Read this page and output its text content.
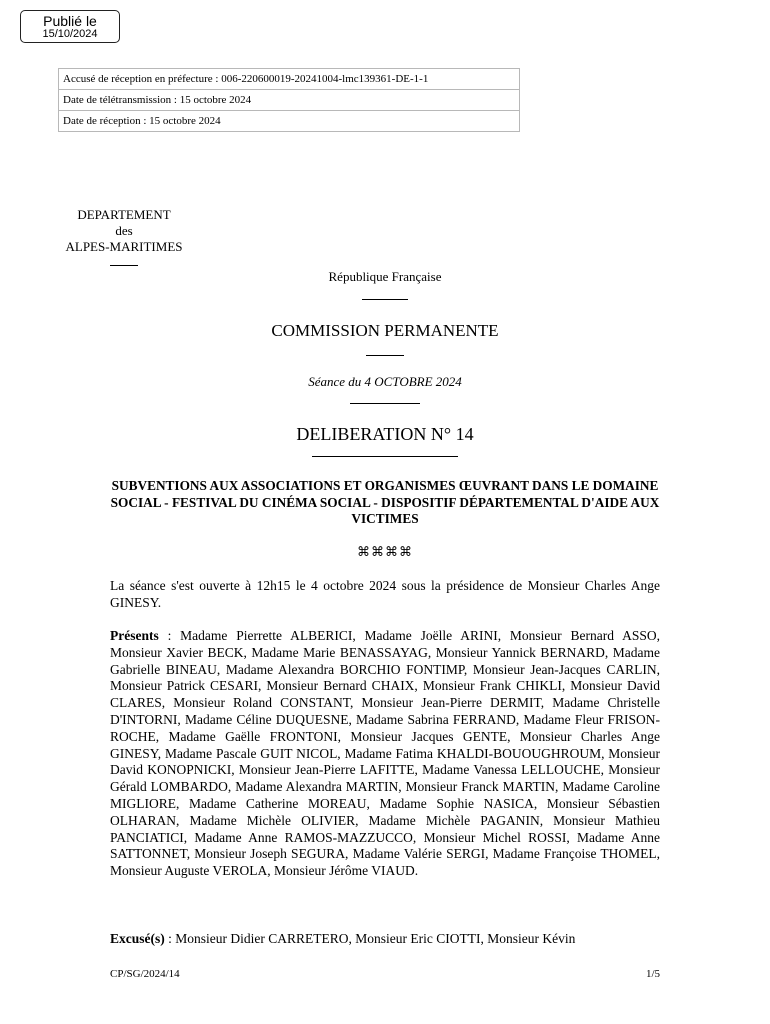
Publié le
15/10/2024
Accusé de réception en préfecture : 006-220600019-20241004-lmc139361-DE-1-1
Date de télétransmission : 15 octobre 2024
Date de réception : 15 octobre 2024
DEPARTEMENT
des
ALPES-MARITIMES
République Française
COMMISSION PERMANENTE
Séance du 4 OCTOBRE 2024
DELIBERATION N° 14
SUBVENTIONS AUX ASSOCIATIONS ET ORGANISMES ŒUVRANT DANS LE DOMAINE SOCIAL - FESTIVAL DU CINÉMA SOCIAL - DISPOSITIF DÉPARTEMENTAL D'AIDE AUX VICTIMES
⌘⌘⌘⌘
La séance s'est ouverte à 12h15 le 4 octobre 2024 sous la présidence de Monsieur Charles Ange GINESY.
Présents : Madame Pierrette ALBERICI, Madame Joëlle ARINI, Monsieur Bernard ASSO, Monsieur Xavier BECK, Madame Marie BENASSAYAG, Monsieur Yannick BERNARD, Madame Gabrielle BINEAU, Madame Alexandra BORCHIO FONTIMP, Monsieur Jean-Jacques CARLIN, Monsieur Patrick CESARI, Monsieur Bernard CHAIX, Monsieur Frank CHIKLI, Monsieur David CLARES, Monsieur Roland CONSTANT, Monsieur Jean-Pierre DERMIT, Madame Christelle D'INTORNI, Madame Céline DUQUESNE, Madame Sabrina FERRAND, Madame Fleur FRISON-ROCHE, Madame Gaëlle FRONTONI, Monsieur Jacques GENTE, Monsieur Charles Ange GINESY, Madame Pascale GUIT NICOL, Madame Fatima KHALDI-BOUOUGHROUM, Monsieur David KONOPNICKI, Monsieur Jean-Pierre LAFITTE, Madame Vanessa LELLOUCHE, Monsieur Gérald LOMBARDO, Madame Alexandra MARTIN, Monsieur Franck MARTIN, Madame Caroline MIGLIORE, Madame Catherine MOREAU, Madame Sophie NASICA, Monsieur Sébastien OLHARAN, Madame Michèle OLIVIER, Madame Michèle PAGANIN, Monsieur Mathieu PANCIATICI, Madame Anne RAMOS-MAZZUCCO, Monsieur Michel ROSSI, Madame Anne SATTONNET, Monsieur Joseph SEGURA, Madame Valérie SERGI, Madame Françoise THOMEL, Monsieur Auguste VEROLA, Monsieur Jérôme VIAUD.
Excusé(s) : Monsieur Didier CARRETERO, Monsieur Eric CIOTTI, Monsieur Kévin
CP/SG/2024/14	1/5
